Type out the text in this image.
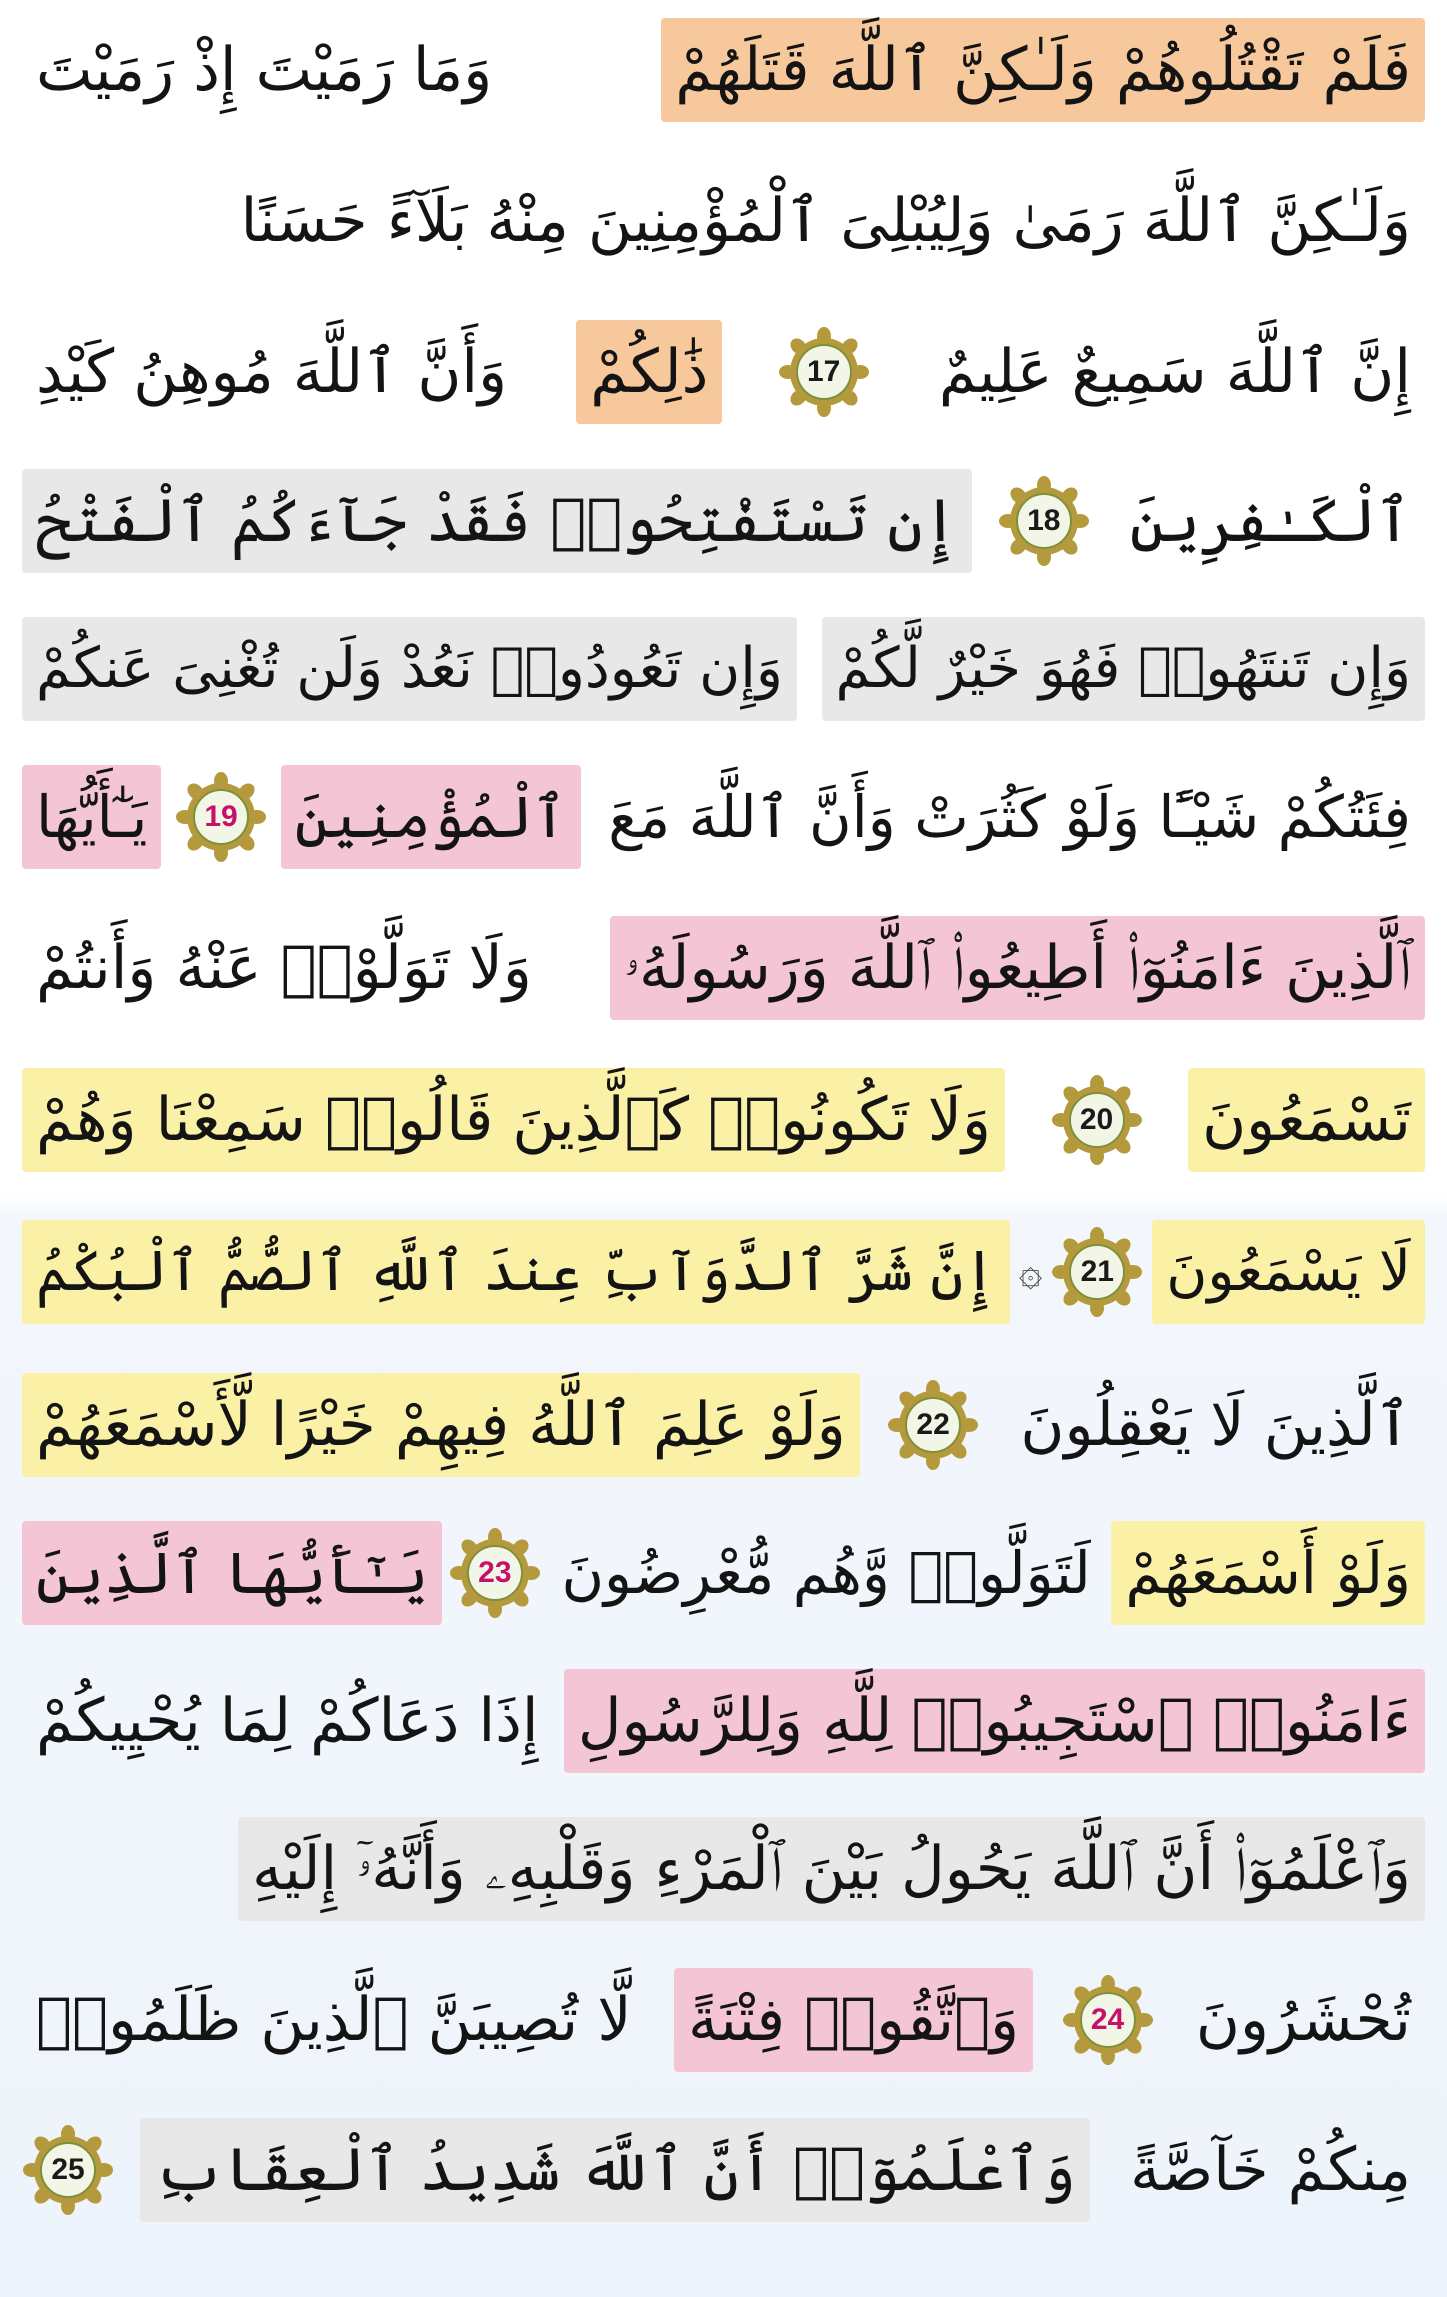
فَلَمْ تَقْتُلُوهُمْ وَلَـٰكِنَّ ٱللَّهَ قَتَلَهُمْ
وَمَا رَمَيْتَ إِذْ رَمَيْتَ
وَلَـٰكِنَّ ٱللَّهَ رَمَىٰ وَلِيُبْلِىَ ٱلْمُؤْمِنِينَ مِنْهُ بَلَآءً حَسَنًا
إِنَّ ٱللَّهَ سَمِيعٌ عَلِيمٌ
17
ذَٰلِكُمْ
وَأَنَّ ٱللَّهَ مُوهِنُ كَيْدِ
ٱلْكَـٰفِرِينَ
18
إِن تَسْتَفْتِحُوا۟ فَقَدْ جَآءَكُمُ ٱلْفَتْحُ
وَإِن تَنتَهُوا۟ فَهُوَ خَيْرٌ لَّكُمْ
وَإِن تَعُودُوا۟ نَعُدْ وَلَن تُغْنِىَ عَنكُمْ
فِئَتُكُمْ شَيْـًٔا وَلَوْ كَثُرَتْ وَأَنَّ ٱللَّهَ مَعَ
ٱلْمُؤْمِنِينَ
19
يَـٰٓأَيُّهَا
ٱلَّذِينَ ءَامَنُوٓا۟ أَطِيعُوا۟ ٱللَّهَ وَرَسُولَهُۥ
وَلَا تَوَلَّوْا۟ عَنْهُ وَأَنتُمْ
تَسْمَعُونَ
20
وَلَا تَكُونُوا۟ كَٱلَّذِينَ قَالُوا۟ سَمِعْنَا وَهُمْ
لَا يَسْمَعُونَ
21
۞
إِنَّ شَرَّ ٱلدَّوَآبِّ عِندَ ٱللَّهِ ٱلصُّمُّ ٱلْبُكْمُ
ٱلَّذِينَ لَا يَعْقِلُونَ
22
وَلَوْ عَلِمَ ٱللَّهُ فِيهِمْ خَيْرًا لَّأَسْمَعَهُمْ
وَلَوْ أَسْمَعَهُمْ
لَتَوَلَّوا۟ وَّهُم مُّعْرِضُونَ
23
يَـٰٓأَيُّهَا ٱلَّذِينَ
ءَامَنُوا۟ ٱسْتَجِيبُوا۟ لِلَّهِ وَلِلرَّسُولِ
إِذَا دَعَاكُمْ لِمَا يُحْيِيكُمْ
وَٱعْلَمُوٓا۟ أَنَّ ٱللَّهَ يَحُولُ بَيْنَ ٱلْمَرْءِ وَقَلْبِهِۦ وَأَنَّهُۥٓ إِلَيْهِ
تُحْشَرُونَ
24
وَٱتَّقُوا۟ فِتْنَةً
لَّا تُصِيبَنَّ ٱلَّذِينَ ظَلَمُوا۟
مِنكُمْ خَآصَّةً
وَٱعْلَمُوٓا۟ أَنَّ ٱللَّهَ شَدِيدُ ٱلْعِقَابِ
25
